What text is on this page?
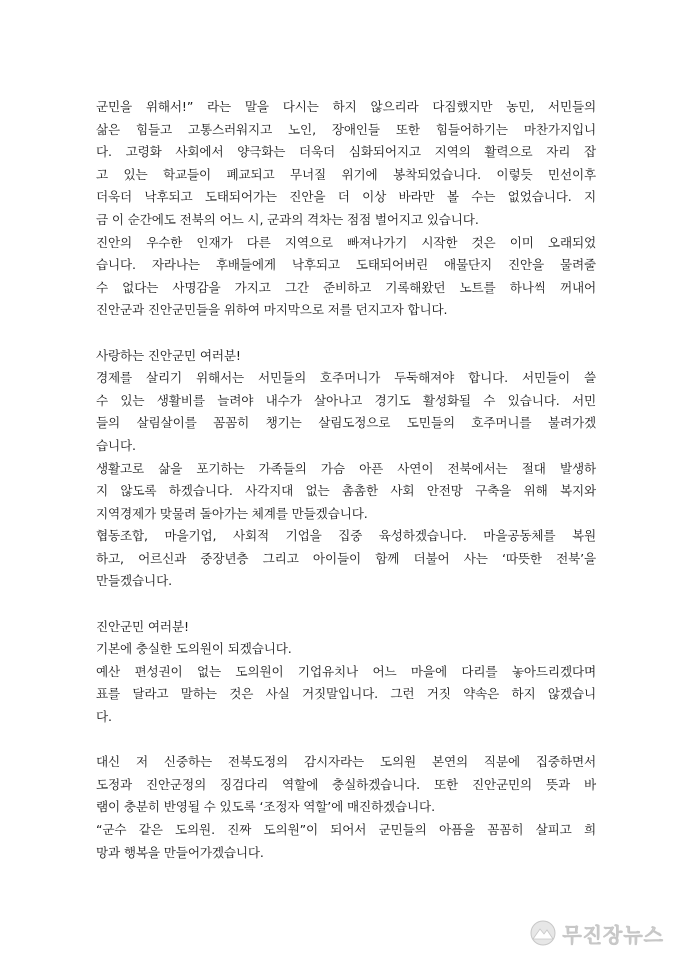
군민을 위해서!” 라는 말을 다시는 하지 않으리라 다짐했지만 농민, 서민들의
삶은 힘들고 고통스러워지고 노인, 장애인들 또한 힘들어하기는 마찬가지입니
다. 고령화 사회에서 양극화는 더욱더 심화되어지고 지역의 활력으로 자리 잡
고 있는 학교들이 폐교되고 무너질 위기에 봉착되었습니다. 이렇듯 민선이후
더욱더 낙후되고 도태되어가는 진안을 더 이상 바라만 볼 수는 없었습니다. 지
금 이 순간에도 전북의 어느 시, 군과의 격차는 점점 벌어지고 있습니다.
진안의 우수한 인재가 다른 지역으로 빠져나가기 시작한 것은 이미 오래되었
습니다. 자라나는 후배들에게 낙후되고 도태되어버린 애물단지 진안을 물려줄
수 없다는 사명감을 가지고 그간 준비하고 기록해왔던 노트를 하나씩 꺼내어
진안군과 진안군민들을 위하여 마지막으로 저를 던지고자 합니다.
사랑하는 진안군민 여러분!
경제를 살리기 위해서는 서민들의 호주머니가 두둑해져야 합니다. 서민들이 쓸
수 있는 생활비를 늘려야 내수가 살아나고 경기도 활성화될 수 있습니다. 서민
들의 살림살이를 꼼꼼히 챙기는 살림도정으로 도민들의 호주머니를 불려가겠
습니다.
생활고로 삶을 포기하는 가족들의 가슴 아픈 사연이 전북에서는 절대 발생하
지 않도록 하겠습니다. 사각지대 없는 촘촘한 사회 안전망 구축을 위해 복지와
지역경제가 맞물려 돌아가는 체계를 만들겠습니다.
협동조합, 마을기업, 사회적 기업을 집중 육성하겠습니다. 마을공동체를 복원
하고, 어르신과 중장년층 그리고 아이들이 함께 더불어 사는 ‘따뜻한 전북’을
만들겠습니다.
진안군민 여러분!
기본에 충실한 도의원이 되겠습니다.
예산 편성권이 없는 도의원이 기업유치나 어느 마을에 다리를 놓아드리겠다며
표를 달라고 말하는 것은 사실 거짓말입니다. 그런 거짓 약속은 하지 않겠습니
다.
대신 저 신중하는 전북도정의 감시자라는 도의원 본연의 직분에 집중하면서
도정과 진안군정의 징검다리 역할에 충실하겠습니다. 또한 진안군민의 뜻과 바
램이 충분히 반영될 수 있도록 ‘조정자 역할’에 매진하겠습니다.
“군수 같은 도의원. 진짜 도의원”이 되어서 군민들의 아픔을 꼼꼼히 살피고 희
망과 행복을 만들어가겠습니다.
무진장뉴스
